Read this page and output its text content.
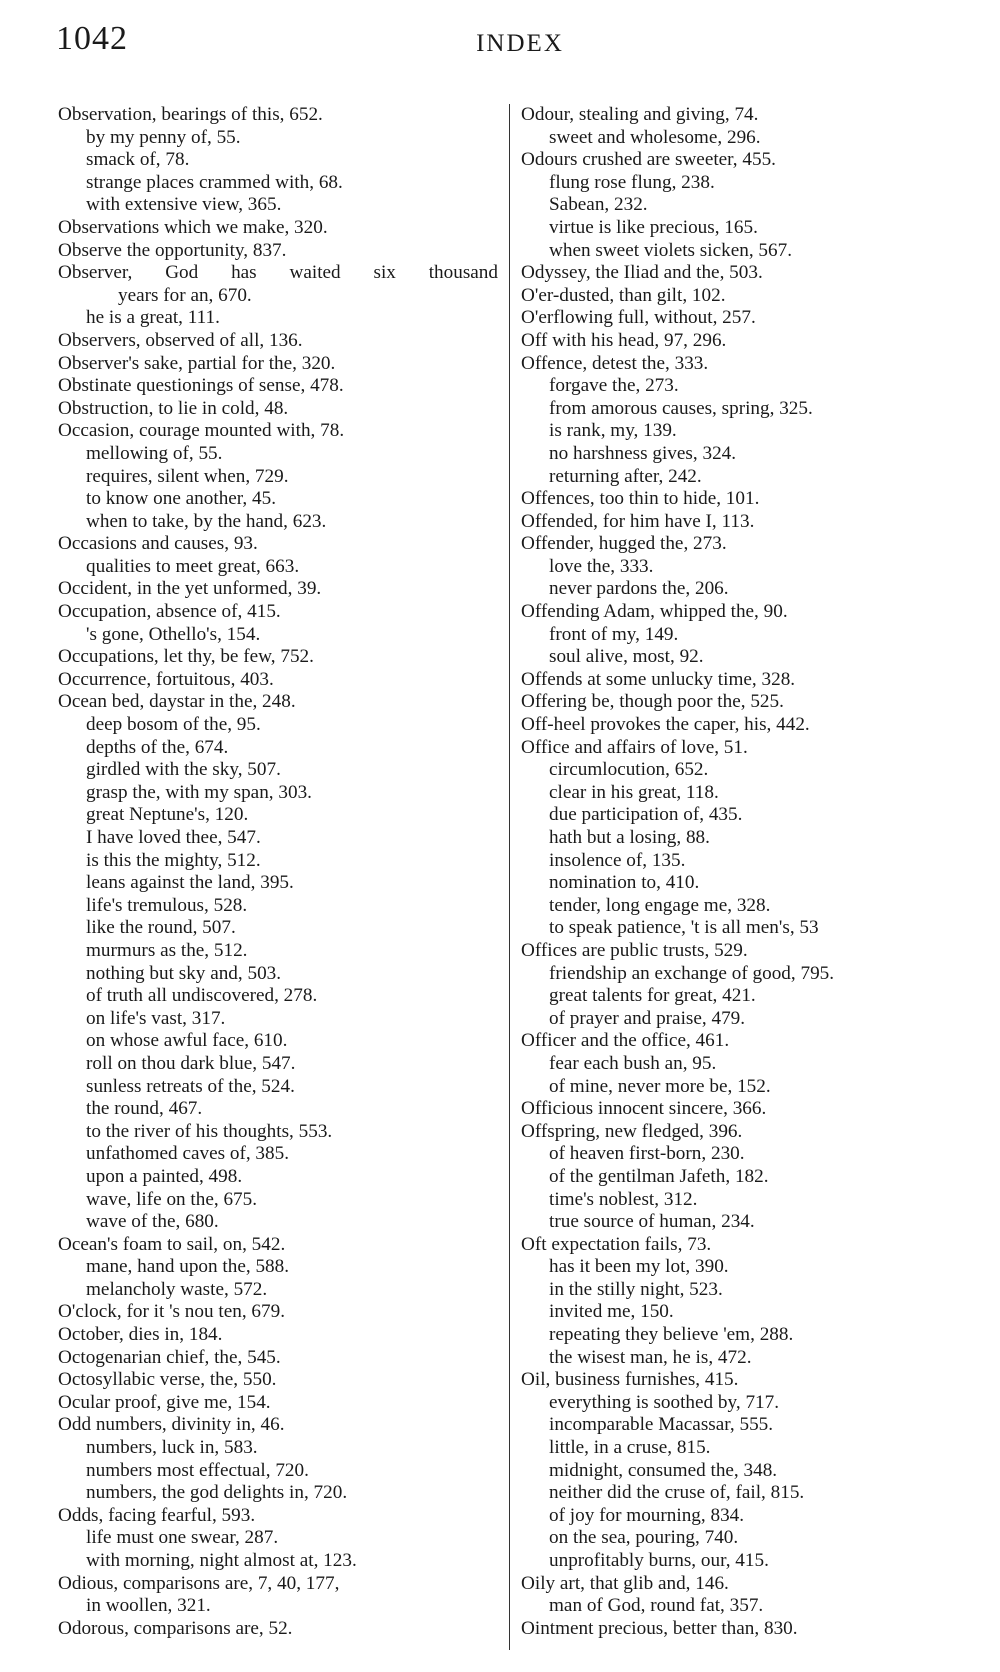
1042	INDEX
Observation, bearings of this, 652.
by my penny of, 55.
smack of, 78.
strange places crammed with, 68.
with extensive view, 365.
Observations which we make, 320.
Observe the opportunity, 837.
Observer, God has waited six thousand
years for an, 670.
he is a great, 111.
Observers, observed of all, 136.
Observer's sake, partial for the, 320.
Obstinate questionings of sense, 478.
Obstruction, to lie in cold, 48.
Occasion, courage mounted with, 78.
mellowing of, 55.
requires, silent when, 729.
to know one another, 45.
when to take, by the hand, 623.
Occasions and causes, 93.
qualities to meet great, 663.
Occident, in the yet unformed, 39.
Occupation, absence of, 415.
's gone, Othello's, 154.
Occupations, let thy, be few, 752.
Occurrence, fortuitous, 403.
Ocean bed, daystar in the, 248.
deep bosom of the, 95.
depths of the, 674.
girdled with the sky, 507.
grasp the, with my span, 303.
great Neptune's, 120.
I have loved thee, 547.
is this the mighty, 512.
leans against the land, 395.
life's tremulous, 528.
like the round, 507.
murmurs as the, 512.
nothing but sky and, 503.
of truth all undiscovered, 278.
on life's vast, 317.
on whose awful face, 610.
roll on thou dark blue, 547.
sunless retreats of the, 524.
the round, 467.
to the river of his thoughts, 553.
unfathomed caves of, 385.
upon a painted, 498.
wave, life on the, 675.
wave of the, 680.
Ocean's foam to sail, on, 542.
mane, hand upon the, 588.
melancholy waste, 572.
O'clock, for it 's nou ten, 679.
October, dies in, 184.
Octogenarian chief, the, 545.
Octosyllabic verse, the, 550.
Ocular proof, give me, 154.
Odd numbers, divinity in, 46.
numbers, luck in, 583.
numbers most effectual, 720.
numbers, the god delights in, 720.
Odds, facing fearful, 593.
life must one swear, 287.
with morning, night almost at, 123.
Odious, comparisons are, 7, 40, 177,
in woollen, 321.
Odorous, comparisons are, 52.
Odour, stealing and giving, 74.
sweet and wholesome, 296.
Odours crushed are sweeter, 455.
flung rose flung, 238.
Sabean, 232.
virtue is like precious, 165.
when sweet violets sicken, 567.
Odyssey, the Iliad and the, 503.
O'er-dusted, than gilt, 102.
O'erflowing full, without, 257.
Off with his head, 97, 296.
Offence, detest the, 333.
forgave the, 273.
from amorous causes, spring, 325.
is rank, my, 139.
no harshness gives, 324.
returning after, 242.
Offences, too thin to hide, 101.
Offended, for him have I, 113.
Offender, hugged the, 273.
love the, 333.
never pardons the, 206.
Offending Adam, whipped the, 90.
front of my, 149.
soul alive, most, 92.
Offends at some unlucky time, 328.
Offering be, though poor the, 525.
Off-heel provokes the caper, his, 442.
Office and affairs of love, 51.
circumlocution, 652.
clear in his great, 118.
due participation of, 435.
hath but a losing, 88.
insolence of, 135.
nomination to, 410.
tender, long engage me, 328.
to speak patience, 't is all men's, 53
Offices are public trusts, 529.
friendship an exchange of good, 795.
great talents for great, 421.
of prayer and praise, 479.
Officer and the office, 461.
fear each bush an, 95.
of mine, never more be, 152.
Officious innocent sincere, 366.
Offspring, new fledged, 396.
of heaven first-born, 230.
of the gentilman Jafeth, 182.
time's noblest, 312.
true source of human, 234.
Oft expectation fails, 73.
has it been my lot, 390.
in the stilly night, 523.
invited me, 150.
repeating they believe 'em, 288.
the wisest man, he is, 472.
Oil, business furnishes, 415.
everything is soothed by, 717.
incomparable Macassar, 555.
little, in a cruse, 815.
midnight, consumed the, 348.
neither did the cruse of, fail, 815.
of joy for mourning, 834.
on the sea, pouring, 740.
unprofitably burns, our, 415.
Oily art, that glib and, 146.
man of God, round fat, 357.
Ointment precious, better than, 830.
